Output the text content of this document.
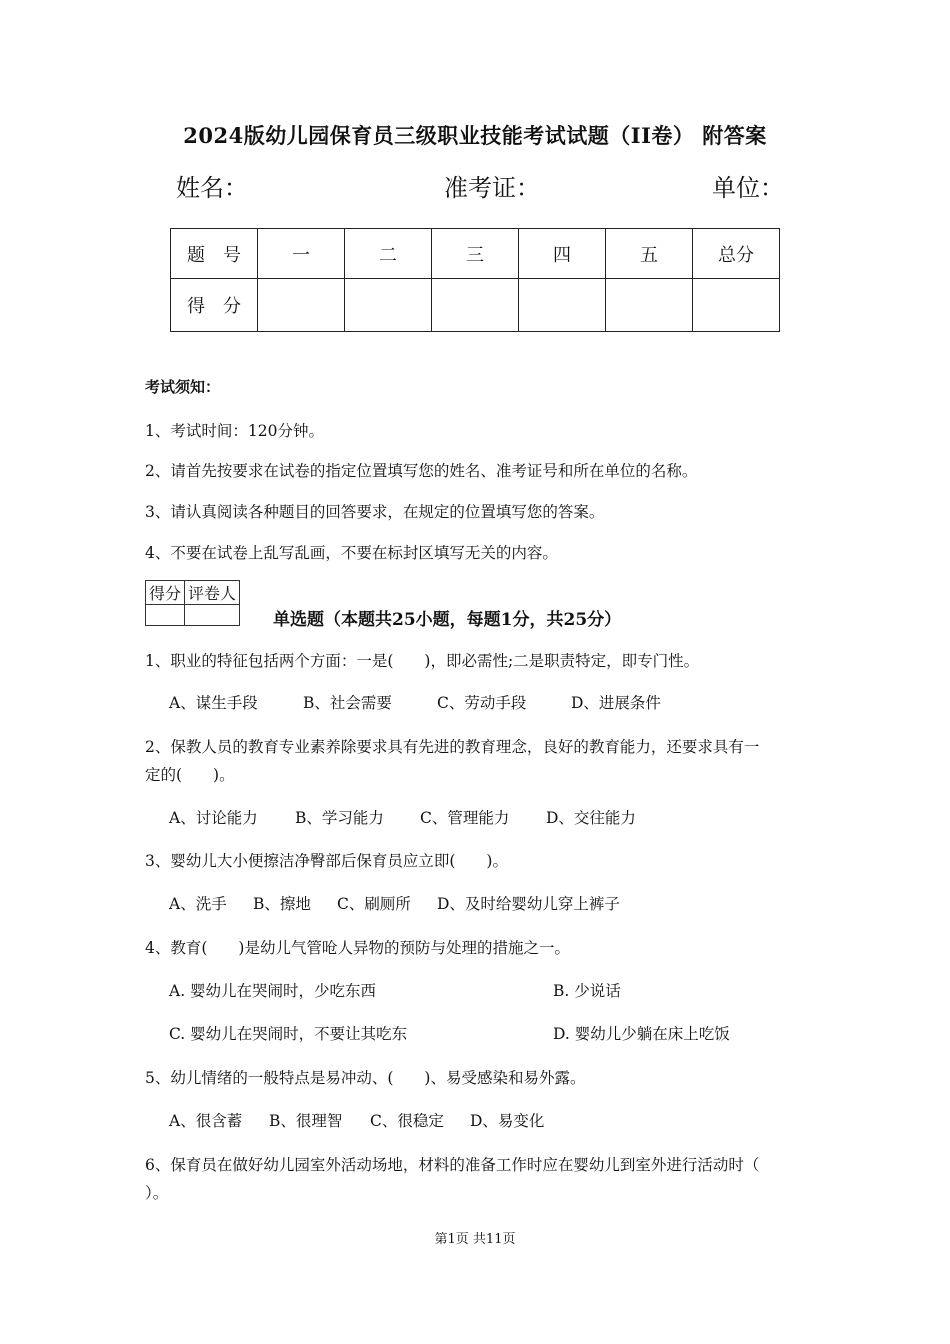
2024版幼儿园保育员三级职业技能考试试题（II卷） 附答案
姓名：	准考证：	单位：
题　号	一	二	三	四	五	总分
得　分						
考试须知：
1、考试时间：120分钟。
2、请首先按要求在试卷的指定位置填写您的姓名、准考证号和所在单位的名称。
3、请认真阅读各种题目的回答要求，在规定的位置填写您的答案。
4、不要在试卷上乱写乱画，不要在标封区填写无关的内容。
得分	评卷人

单选题（本题共25小题，每题1分，共25分）
1、职业的特征包括两个方面：一是(　　)，即必需性;二是职责特定，即专门性。
A、谋生手段	B、社会需要	C、劳动手段	D、进展条件
2、保教人员的教育专业素养除要求具有先进的教育理念，良好的教育能力，还要求具有一
定的(　　)。
A、讨论能力 B、学习能力 C、管理能力 D、交往能力
3、婴幼儿大小便擦洁净臀部后保育员应立即(　　)。
A、洗手 B、擦地 C、刷厕所 D、及时给婴幼儿穿上裤子
4、教育(　　)是幼儿气管呛人异物的预防与处理的措施之一。
A. 婴幼儿在哭闹时，少吃东西	B. 少说话
C. 婴幼儿在哭闹时，不要让其吃东	D. 婴幼儿少躺在床上吃饭
5、幼儿情绪的一般特点是易冲动、(　　)、易受感染和易外露。
A、很含蓄 B、很理智 C、很稳定 D、易变化
6、保育员在做好幼儿园室外活动场地，材料的准备工作时应在婴幼儿到室外进行活动时（
）。
第1页 共11页
